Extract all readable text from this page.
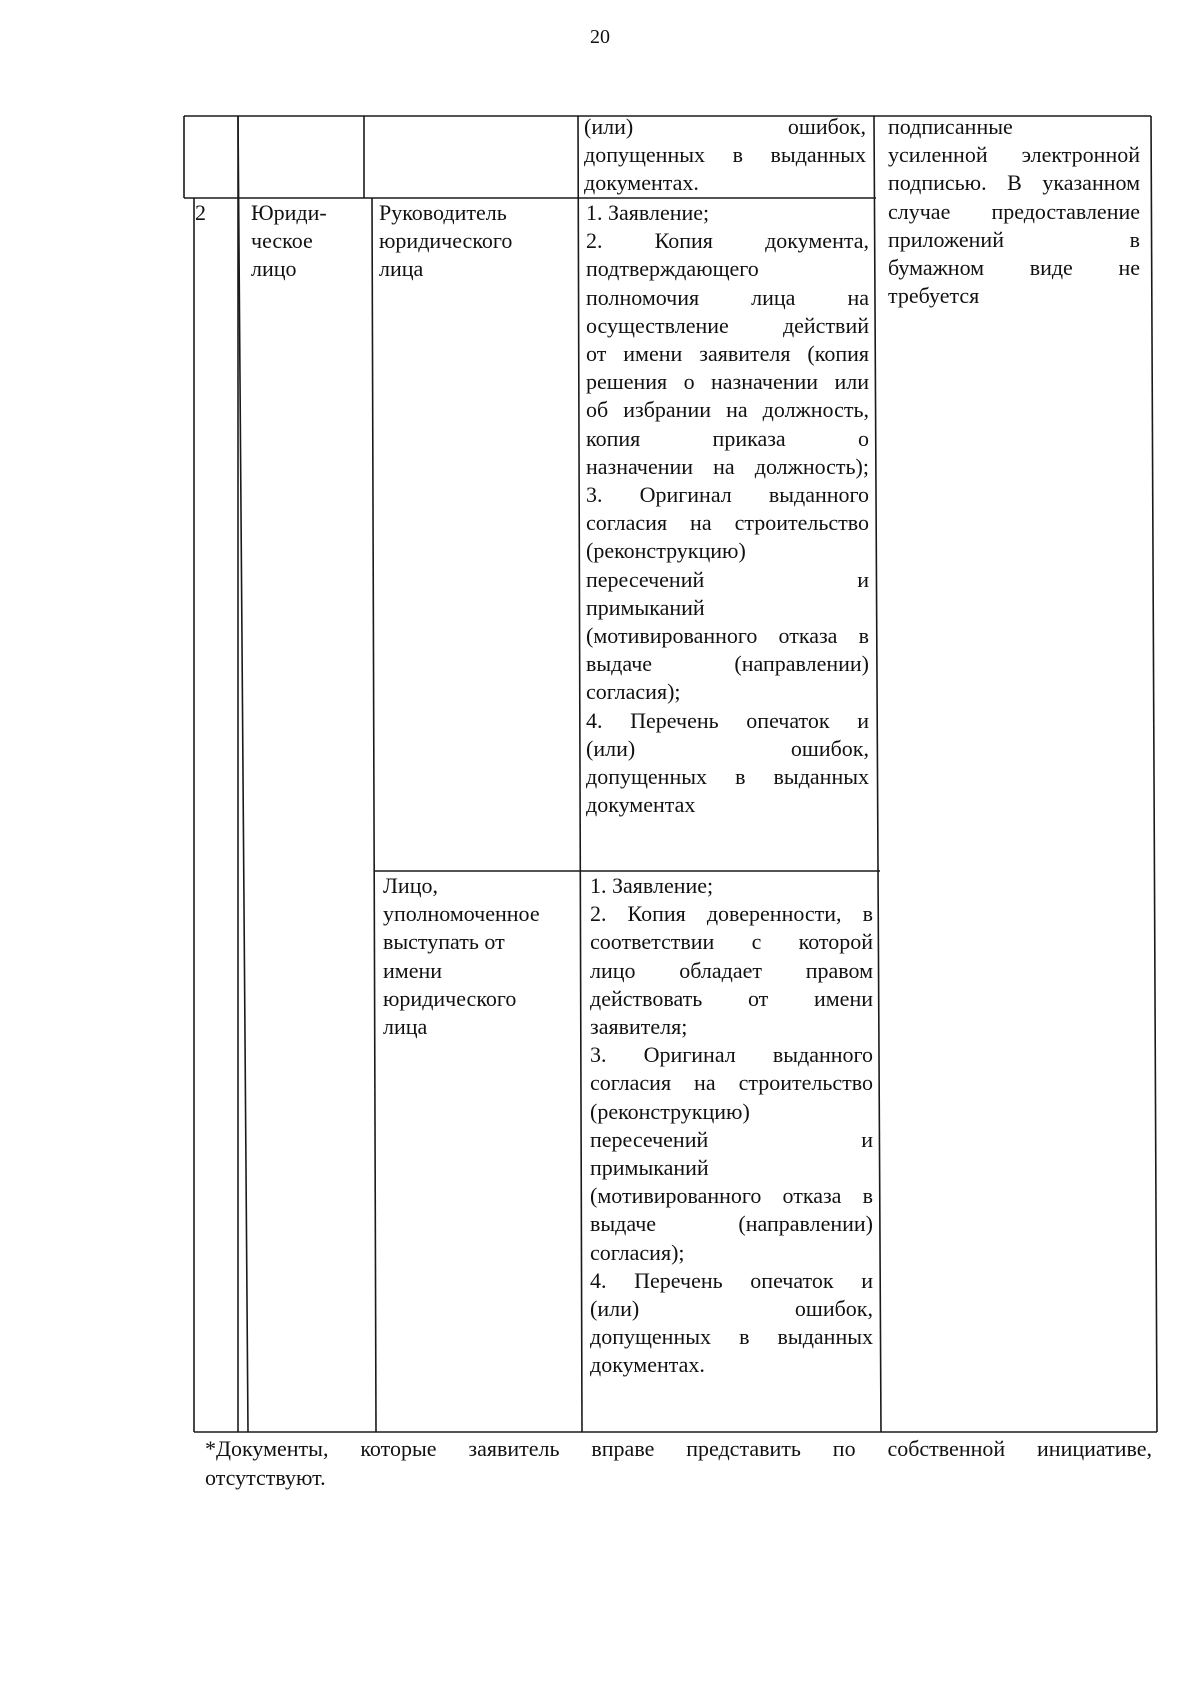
20
(или) ошибок,
допущенных в выданных
документах.
подписанные
усиленной электронной
подписью. В указанном
случае предоставление
приложений в
бумажном виде не
требуется
2 Юриди-
ческое
лицо
Руководитель
юридического
лица
1. Заявление;
2. Копия документа,
подтверждающего
полномочия лица на
осуществление действий
от имени заявителя (копия
решения о назначении или
об избрании на должность,
копия приказа о
назначении на должность);
3. Оригинал выданного
согласия на строительство
(реконструкцию)
пересечений и
примыканий
(мотивированного отказа в
выдаче (направлении)
согласия);
4. Перечень опечаток и
(или) ошибок,
допущенных в выданных
документах
Лицо,
уполномоченное
выступать от
имени
юридического
лица
1. Заявление;
2. Копия доверенности, в
соответствии с которой
лицо обладает правом
действовать от имени
заявителя;
3. Оригинал выданного
согласия на строительство
(реконструкцию)
пересечений и
примыканий
(мотивированного отказа в
выдаче (направлении)
согласия);
4. Перечень опечаток и
(или) ошибок,
допущенных в выданных
документах.
*Документы, которые заявитель вправе представить по собственной инициативе,
отсутствуют.
